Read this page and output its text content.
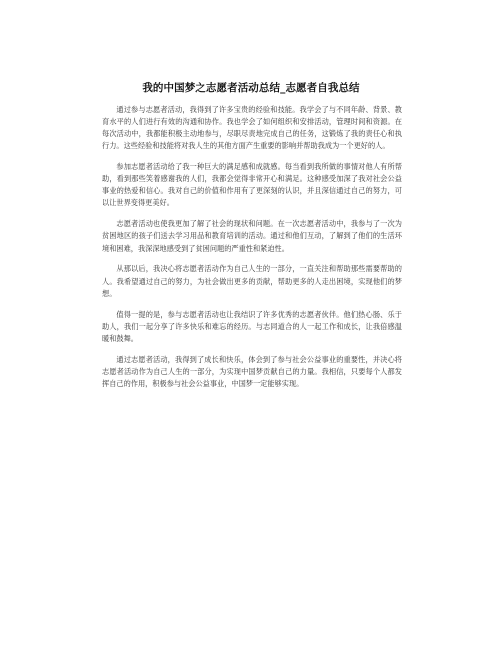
我的中国梦之志愿者活动总结_志愿者自我总结

通过参与志愿者活动，我得到了许多宝贵的经验和技能。我学会了与不同年龄、背景、教育水平的人们进行有效的沟通和协作。我也学会了如何组织和安排活动，管理时间和资源。在每次活动中，我都能积极主动地参与，尽职尽责地完成自己的任务，这锻炼了我的责任心和执行力。这些经验和技能将对我人生的其他方面产生重要的影响并帮助我成为一个更好的人。

参加志愿者活动给了我一种巨大的满足感和成就感。每当看到我所做的事情对他人有所帮助，看到那些笑着感谢我的人们，我都会觉得非常开心和满足。这种感受加深了我对社会公益事业的热爱和信心。我对自己的价值和作用有了更深刻的认识，并且深信通过自己的努力，可以让世界变得更美好。

志愿者活动也使我更加了解了社会的现状和问题。在一次志愿者活动中，我参与了一次为贫困地区的孩子们送去学习用品和教育培训的活动。通过和他们互动，了解到了他们的生活环境和困难，我深深地感受到了贫困问题的严重性和紧迫性。

从那以后，我决心将志愿者活动作为自己人生的一部分，一直关注和帮助那些需要帮助的人。我希望通过自己的努力，为社会做出更多的贡献，帮助更多的人走出困境，实现他们的梦想。

值得一提的是，参与志愿者活动也让我结识了许多优秀的志愿者伙伴。他们热心肠、乐于助人，我们一起分享了许多快乐和难忘的经历。与志同道合的人一起工作和成长，让我倍感温暖和鼓舞。

通过志愿者活动，我得到了成长和快乐，体会到了参与社会公益事业的重要性，并决心将志愿者活动作为自己人生的一部分，为实现中国梦贡献自己的力量。我相信，只要每个人都发挥自己的作用，积极参与社会公益事业，中国梦一定能够实现。
